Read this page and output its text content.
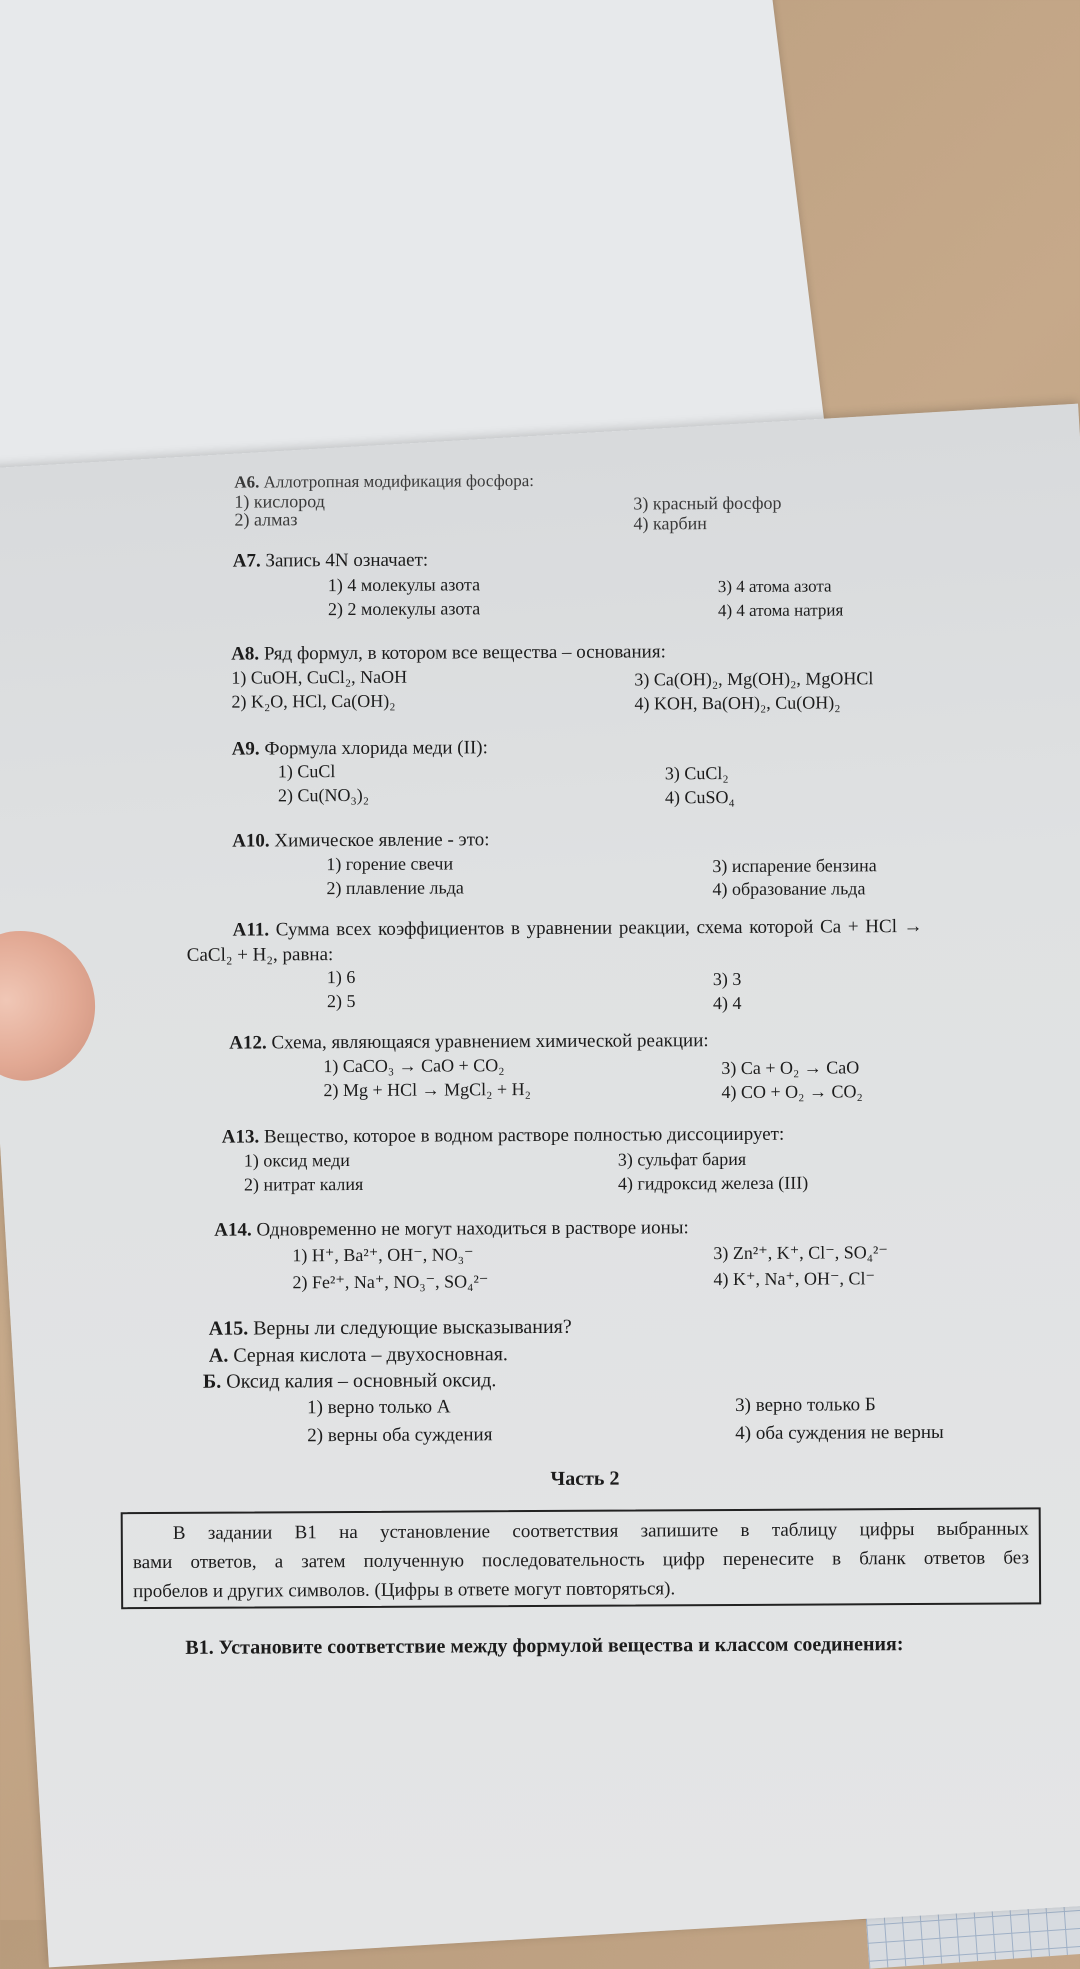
А6. Аллотропная модификация фосфора:
1) кислород
2) алмаз
3) красный фосфор
4) карбин
А7. Запись 4N означает:
1) 4 молекулы азота
2) 2 молекулы азота
3) 4 атома азота
4) 4 атома натрия
А8. Ряд формул, в котором все вещества – основания:
1) CuOH, CuCl₂, NaOH
2) K₂O, HCl, Ca(OH)₂
3) Ca(OH)₂, Mg(OH)₂, MgOHCl
4) KOH, Ba(OH)₂, Cu(OH)₂
А9. Формула хлорида меди (II):
1) CuCl
2) Cu(NO₃)₂
3) CuCl₂
4) CuSO₄
А10. Химическое явление - это:
1) горение свечи
2) плавление льда
3) испарение бензина
4) образование льда
А11. Сумма всех коэффициентов в уравнении реакции, схема которой Ca + HCl →
CaCl₂ + H₂, равна:
1) 6
2) 5
3) 3
4) 4
А12. Схема, являющаяся уравнением химической реакции:
1) CaCO₃ → CaO + CO₂
2) Mg + HCl → MgCl₂ + H₂
3) Ca + O₂ → CaO
4) CO + O₂ → CO₂
А13. Вещество, которое в водном растворе полностью диссоциирует:
1) оксид меди
2) нитрат калия
3) сульфат бария
4) гидроксид железа (III)
А14. Одновременно не могут находиться в растворе ионы:
1) H⁺, Ba²⁺, OH⁻, NO₃⁻
2) Fe²⁺, Na⁺, NO₃⁻, SO₄²⁻
3) Zn²⁺, K⁺, Cl⁻, SO₄²⁻
4) K⁺, Na⁺, OH⁻, Cl⁻
А15. Верны ли следующие высказывания?
А. Серная кислота – двухосновная.
Б. Оксид калия – основный оксид.
1) верно только А
2) верны оба суждения
3) верно только Б
4) оба суждения не верны
Часть 2
В задании В1 на установление соответствия запишите в таблицу цифры выбранных
вами ответов, а затем полученную последовательность цифр перенесите в бланк ответов без
пробелов и других символов. (Цифры в ответе могут повторяться).
В1. Установите соответствие между формулой вещества и классом соединения:
